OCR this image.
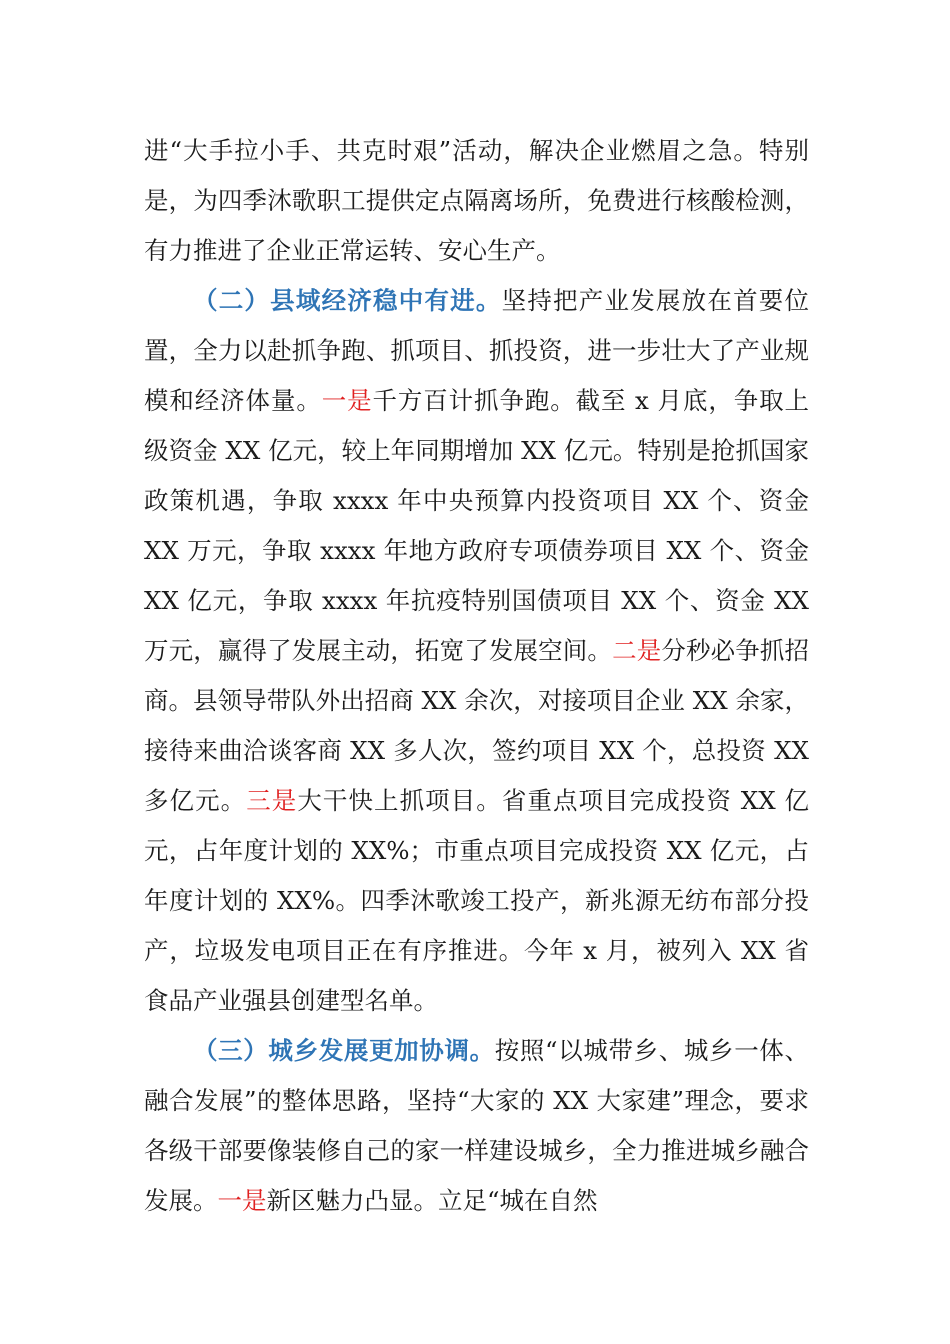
进“大手拉小手、共克时艰”活动，解决企业燃眉之急。特别是，为四季沐歌职工提供定点隔离场所，免费进行核酸检测，有力推进了企业正常运转、安心生产。

（二）县域经济稳中有进。坚持把产业发展放在首要位置，全力以赴抓争跑、抓项目、抓投资，进一步壮大了产业规模和经济体量。一是千方百计抓争跑。截至 x 月底，争取上级资金 XX 亿元，较上年同期增加 XX 亿元。特别是抢抓国家政策机遇，争取 xxxx 年中央预算内投资项目 XX 个、资金 XX 万元，争取 xxxx 年地方政府专项债券项目 XX 个、资金 XX 亿元，争取 xxxx 年抗疫特别国债项目 XX 个、资金 XX 万元，赢得了发展主动，拓宽了发展空间。二是分秒必争抓招商。县领导带队外出招商 XX 余次，对接项目企业 XX 余家，接待来曲洽谈客商 XX 多人次，签约项目 XX 个，总投资 XX 多亿元。三是大干快上抓项目。省重点项目完成投资 XX 亿元，占年度计划的 XX%；市重点项目完成投资 XX 亿元，占年度计划的 XX%。四季沐歌竣工投产，新兆源无纺布部分投产，垃圾发电项目正在有序推进。今年 x 月，被列入 XX 省食品产业强县创建型名单。

（三）城乡发展更加协调。按照“以城带乡、城乡一体、融合发展”的整体思路，坚持“大家的 XX 大家建”理念，要求各级干部要像装修自己的家一样建设城乡，全力推进城乡融合发展。一是新区魅力凸显。立足“城在自然
